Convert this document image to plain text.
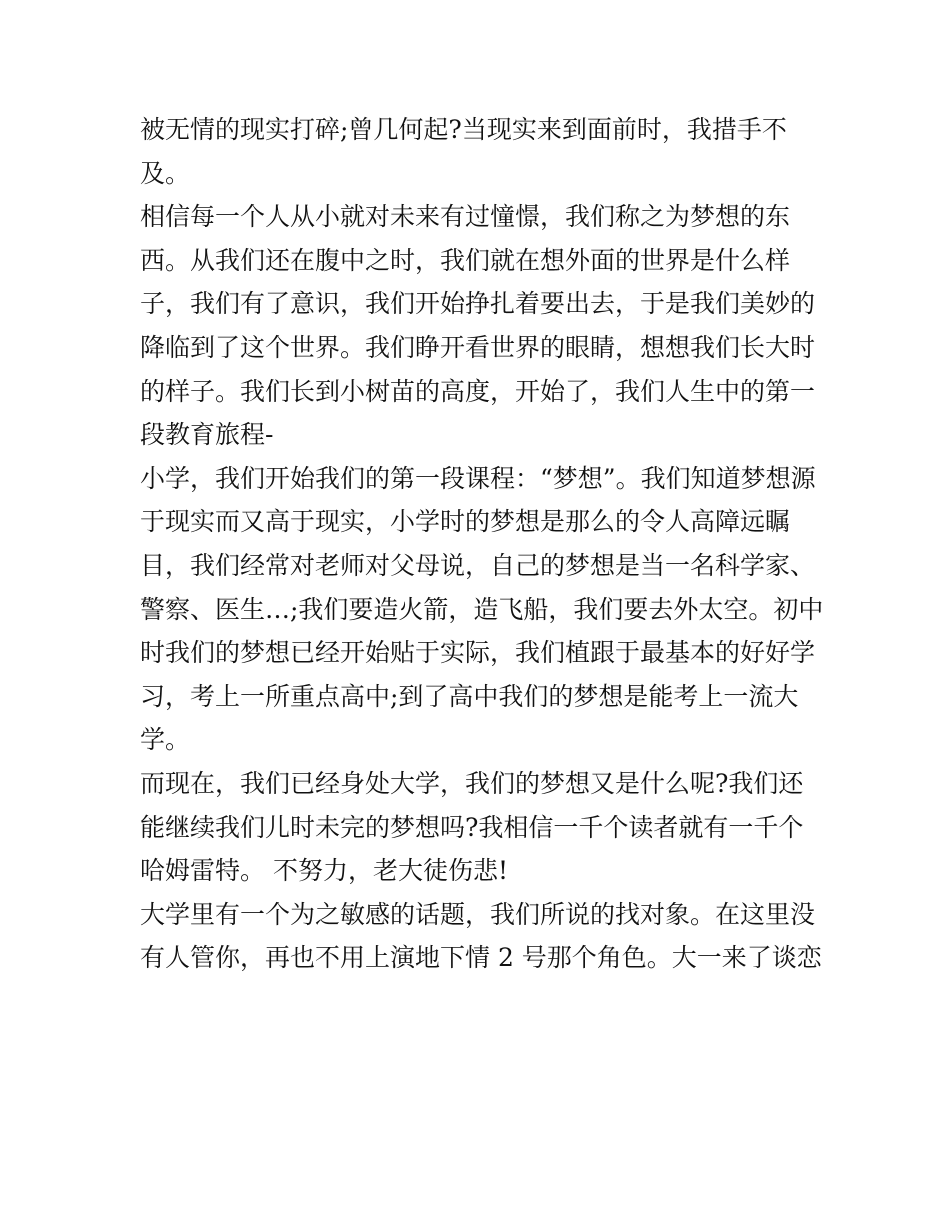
被无情的现实打碎;曾几何起?当现实来到面前时，我措手不
及。
相信每一个人从小就对未来有过憧憬，我们称之为梦想的东
西。从我们还在腹中之时，我们就在想外面的世界是什么样
子，我们有了意识，我们开始挣扎着要出去，于是我们美妙的
降临到了这个世界。我们睁开看世界的眼睛，想想我们长大时
的样子。我们长到小树苗的高度，开始了，我们人生中的第一
段教育旅程-
小学，我们开始我们的第一段课程：“梦想”。我们知道梦想源
于现实而又高于现实，小学时的梦想是那么的令人高障远瞩
目，我们经常对老师对父母说，自己的梦想是当一名科学家、
警察、医生…;我们要造火箭，造飞船，我们要去外太空。初中
时我们的梦想已经开始贴于实际，我们植跟于最基本的好好学
习，考上一所重点高中;到了高中我们的梦想是能考上一流大
学。
而现在，我们已经身处大学，我们的梦想又是什么呢?我们还
能继续我们儿时未完的梦想吗?我相信一千个读者就有一千个
哈姆雷特。 不努力，老大徒伤悲!
大学里有一个为之敏感的话题，我们所说的找对象。在这里没
有人管你，再也不用上演地下情 2 号那个角色。大一来了谈恋
